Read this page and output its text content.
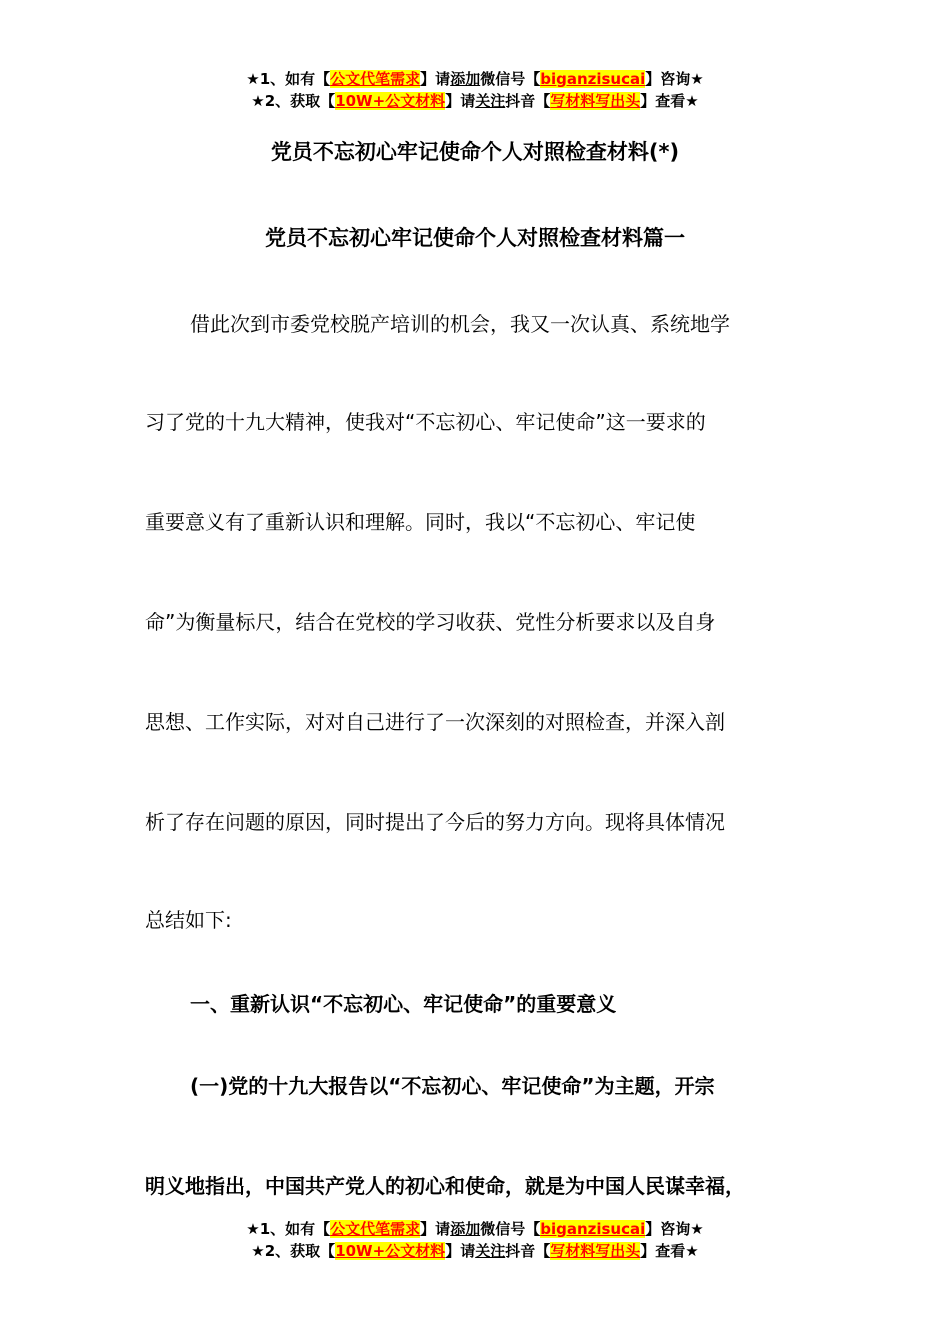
★1、如有【公文代笔需求】请添加微信号【biganzisucai】咨询★
★2、获取【10W+公文材料】请关注抖音【写材料写出头】查看★
党员不忘初心牢记使命个人对照检查材料(*)
党员不忘初心牢记使命个人对照检查材料篇一
借此次到市委党校脱产培训的机会，我又一次认真、系统地学
习了党的十九大精神，使我对“不忘初心、牢记使命”这一要求的
重要意义有了重新认识和理解。同时，我以“不忘初心、牢记使
命”为衡量标尺，结合在党校的学习收获、党性分析要求以及自身
思想、工作实际，对对自己进行了一次深刻的对照检查，并深入剖
析了存在问题的原因，同时提出了今后的努力方向。现将具体情况
总结如下:
一、重新认识“不忘初心、牢记使命”的重要意义
(一)党的十九大报告以“不忘初心、牢记使命”为主题，开宗
明义地指出，中国共产党人的初心和使命，就是为中国人民谋幸福，
★1、如有【公文代笔需求】请添加微信号【biganzisucai】咨询★
★2、获取【10W+公文材料】请关注抖音【写材料写出头】查看★
